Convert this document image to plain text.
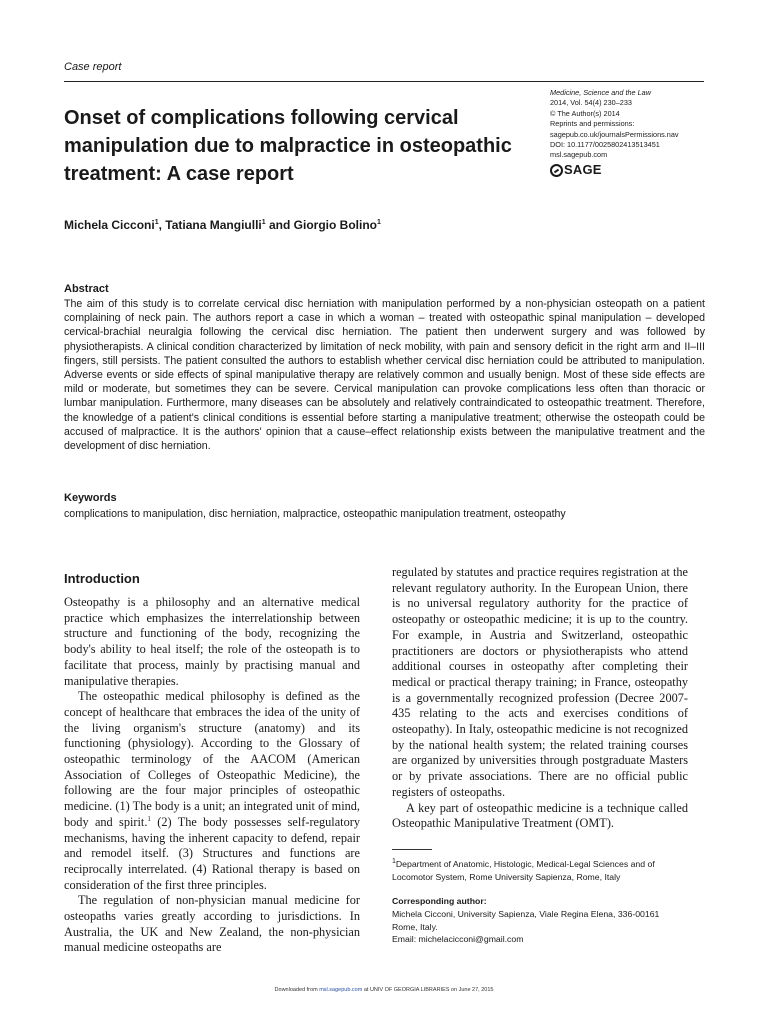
Case report
Onset of complications following cervical manipulation due to malpractice in osteopathic treatment: A case report
Medicine, Science and the Law
2014, Vol. 54(4) 230–233
© The Author(s) 2014
Reprints and permissions:
sagepub.co.uk/journalsPermissions.nav
DOI: 10.1177/0025802413513451
msl.sagepub.com
SAGE
Michela Cicconi$^1$, Tatiana Mangiulli$^1$ and Giorgio Bolino$^1$
Abstract

The aim of this study is to correlate cervical disc herniation with manipulation performed by a non-physician osteopath on a patient complaining of neck pain. The authors report a case in which a woman – treated with osteopathic spinal manipulation – developed cervical-brachial neuralgia following the cervical disc herniation. The patient then underwent surgery and was followed by physiotherapists. A clinical condition characterized by limitation of neck mobility, with pain and sensory deficit in the right arm and II–III fingers, still persists. The patient consulted the authors to establish whether cervical disc herniation could be attributed to manipulation. Adverse events or side effects of spinal manipulative therapy are relatively common and usually benign. Most of these side effects are mild or moderate, but sometimes they can be severe. Cervical manipulation can provoke complications less often than thoracic or lumbar manipulation. Furthermore, many diseases can be absolutely and relatively contraindicated to osteopathic treatment. Therefore, the knowledge of a patient's clinical conditions is essential before starting a manipulative treatment; otherwise the osteopath could be accused of malpractice. It is the authors' opinion that a cause–effect relationship exists between the manipulative treatment and the development of disc herniation.

Keywords
complications to manipulation, disc herniation, malpractice, osteopathic manipulation treatment, osteopathy
Introduction

Osteopathy is a philosophy and an alternative medical practice which emphasizes the interrelationship between structure and functioning of the body, recognizing the body's ability to heal itself; the role of the osteopath is to facilitate that process, mainly by practising manual and manipulative therapies.

The osteopathic medical philosophy is defined as the concept of healthcare that embraces the idea of the unity of the living organism's structure (anatomy) and its functioning (physiology). According to the Glossary of osteopathic terminology of the AACOM (American Association of Colleges of Osteopathic Medicine), the following are the four major principles of osteopathic medicine. (1) The body is a unit; an integrated unit of mind, body and spirit.$^1$ (2) The body possesses self-regulatory mechanisms, having the inherent capacity to defend, repair and remodel itself. (3) Structures and functions are reciprocally interrelated. (4) Rational therapy is based on consideration of the first three principles.

The regulation of non-physician manual medicine for osteopaths varies greatly according to jurisdictions. In Australia, the UK and New Zealand, the non-physician manual medicine osteopaths are

regulated by statutes and practice requires registration at the relevant regulatory authority. In the European Union, there is no universal regulatory authority for the practice of osteopathy or osteopathic medicine; it is up to the country. For example, in Austria and Switzerland, osteopathic practitioners are doctors or physiotherapists who attend additional courses in osteopathy after completing their medical or practical therapy training; in France, osteopathy is a governmentally recognized profession (Decree 2007-435 relating to the acts and exercises conditions of osteopathy). In Italy, osteopathic medicine is not recognized by the national health system; the related training courses are organized by universities through postgraduate Masters or by private associations. There are no official public registers of osteopaths.

A key part of osteopathic medicine is a technique called Osteopathic Manipulative Treatment (OMT).

$^1$Department of Anatomic, Histologic, Medical-Legal Sciences and of Locomotor System, Rome University Sapienza, Rome, Italy
Corresponding author:
Michela Cicconi, University Sapienza, Viale Regina Elena, 336-00161
Rome, Italy.
Email: michelacicconi@gmail.com
Downloaded from msl.sagepub.com at UNIV OF GEORGIA LIBRARIES on June 27, 2015
